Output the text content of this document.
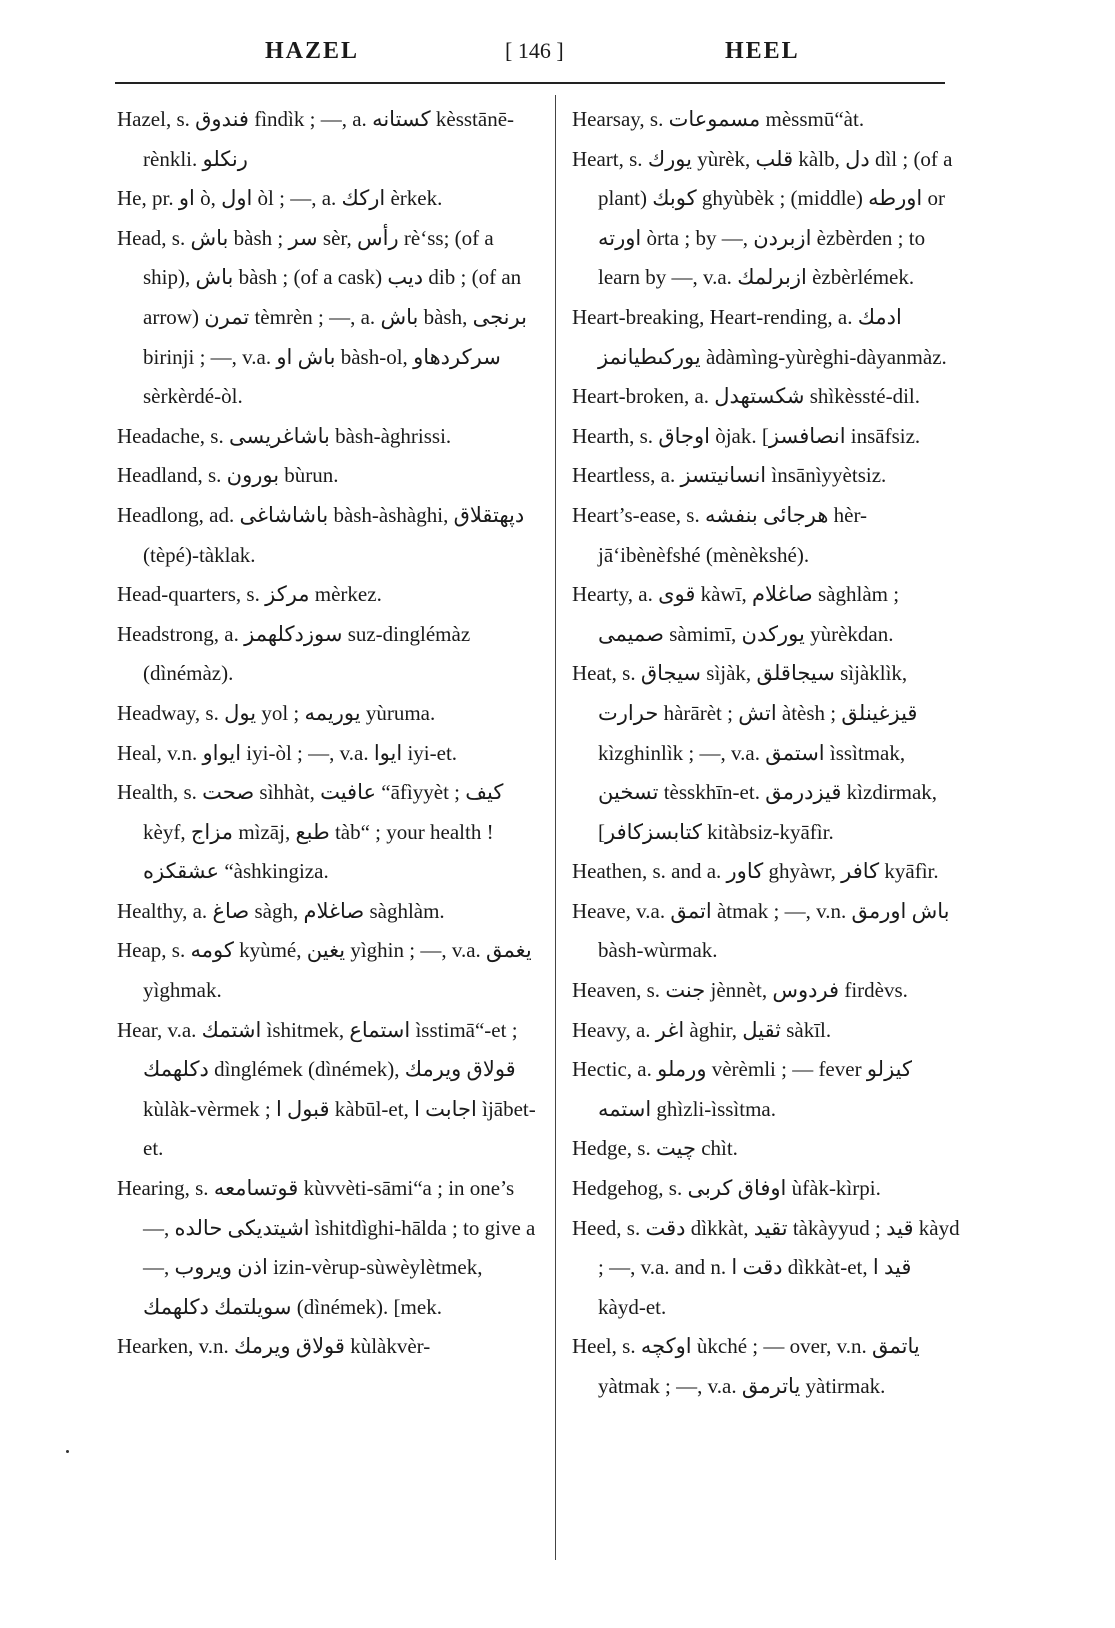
HAZEL	[ 146 ]	HEEL

Hazel, s. فندوق fìndìk ; —, a. كستانه kèsstānē-rènkli. رنكلو

He, pr. او ò, اول òl ; —, a. اركك èrkek.

Head, s. باش bàsh ; سر sèr, رأس rè‘ss; (of a ship), باش bàsh ; (of a cask) ديب dib ; (of an arrow) تمرن tèmrèn ; —, a. باش bàsh, برنجى birinji ; —, v.a. باش او bàsh-ol, سركردهاو sèrkèrdé-òl.

Headache, s. باشاغريسى bàsh-àghrissi.

Headland, s. بورون bùrun.

Headlong, ad. باشاشاغى bàsh-àshàghi, دپهتقلاق (tèpé)-tàklak.

Head-quarters, s. مركز mèrkez.

Headstrong, a. سوزدكلهمز suz-dinglémàz (dìnémàz).

Headway, s. يول yol ; يوريمه yùruma.

Heal, v.n. ايواو iyi-òl ; —, v.a. ايوا iyi-et.

Health, s. صحت sìhhàt, عافيت “āfìyyèt ; كيف kèyf, مزاج mìzāj, طبع tàb“ ; your health ! عشقكزه “àshkingiza.

Healthy, a. صاغ sàgh, صاغلام sàghlàm.

Heap, s. كومه kyùmé, يغين yìghin ; —, v.a. يغمق yìghmak.

Hear, v.a. اشتمك ìshitmek, استماع ìsstimā“-et ; دكلهمك dìnglémek (dìnémek), قولاق ويرمك kùlàk-vèrmek ; قبول ا kàbūl-et, اجابت ا ìjābet-et.

Hearing, s. قوتسامعه kùvvèti-sāmi“a ; in one’s —, اشيتديكى حالده ìshitdìghi-hālda ; to give a —, اذن ويروب izin-vèrup-sùwèylètmek, سويلتمك دكلهمك (dìnémek). [mek.

Hearken, v.n. قولاق ويرمك kùlàkvèr-

Hearsay, s. مسموعات mèssmū“àt.

Heart, s. يورك yùrèk, قلب kàlb, دل dìl ; (of a plant) كوبك ghyùbèk ; (middle) اورطه or اورته òrta ; by —, ازبردن èzbèrden ; to learn by —, v.a. ازبرلمك èzbèrlémek.

Heart-breaking, Heart-rending, a. ادمك يوركىطيانمز àdàmìng-yùrèghi-dàyanmàz.

Heart-broken, a. شكستهدل shìkèssté-dil.

Hearth, s. اوجاق òjak. [انصافسز insāfsiz.

Heartless, a. انسانيتسز ìnsānìyyètsiz.

Heart’s-ease, s. هرجائى بنفشه hèr-jā‘ibènèfshé (mènèkshé).

Hearty, a. قوى kàwī, صاغلام sàghlàm ; صميمى sàmimī, يوركدن yùrèkdan.

Heat, s. سيجاق sìjàk, سيجاقلق sìjàklìk, حرارت hàrārèt ; اتش àtèsh ; قيزغينلق kìzghinlìk ; —, v.a. استمق ìssìtmak, تسخين tèsskhīn-et. قيزدرمق kìzdirmak, [كتابسزكافر kitàbsiz-kyāfìr.

Heathen, s. and a. كاور ghyàwr, كافر kyāfìr.

Heave, v.a. اتمق àtmak ; —, v.n. باش اورمق bàsh-wùrmak.

Heaven, s. جنت jènnèt, فردوس firdèvs.

Heavy, a. اغر àghir, ثقيل sàkīl.

Hectic, a. ورملو vèrèmli ; — fever كيزلو استمه ghìzli-ìssìtma.

Hedge, s. چيت chìt.

Hedgehog, s. اوفاق كربى ùfàk-kìrpi.

Heed, s. دقت dìkkàt, تقيد tàkàyyud ; قيد kàyd ; —, v.a. and n. دقت ا dìkkàt-et, قيد ا kàyd-et.

Heel, s. اوكچه ùkché ; — over, v.n. ياتمق yàtmak ; —, v.a. ياترمق yàtirmak.
